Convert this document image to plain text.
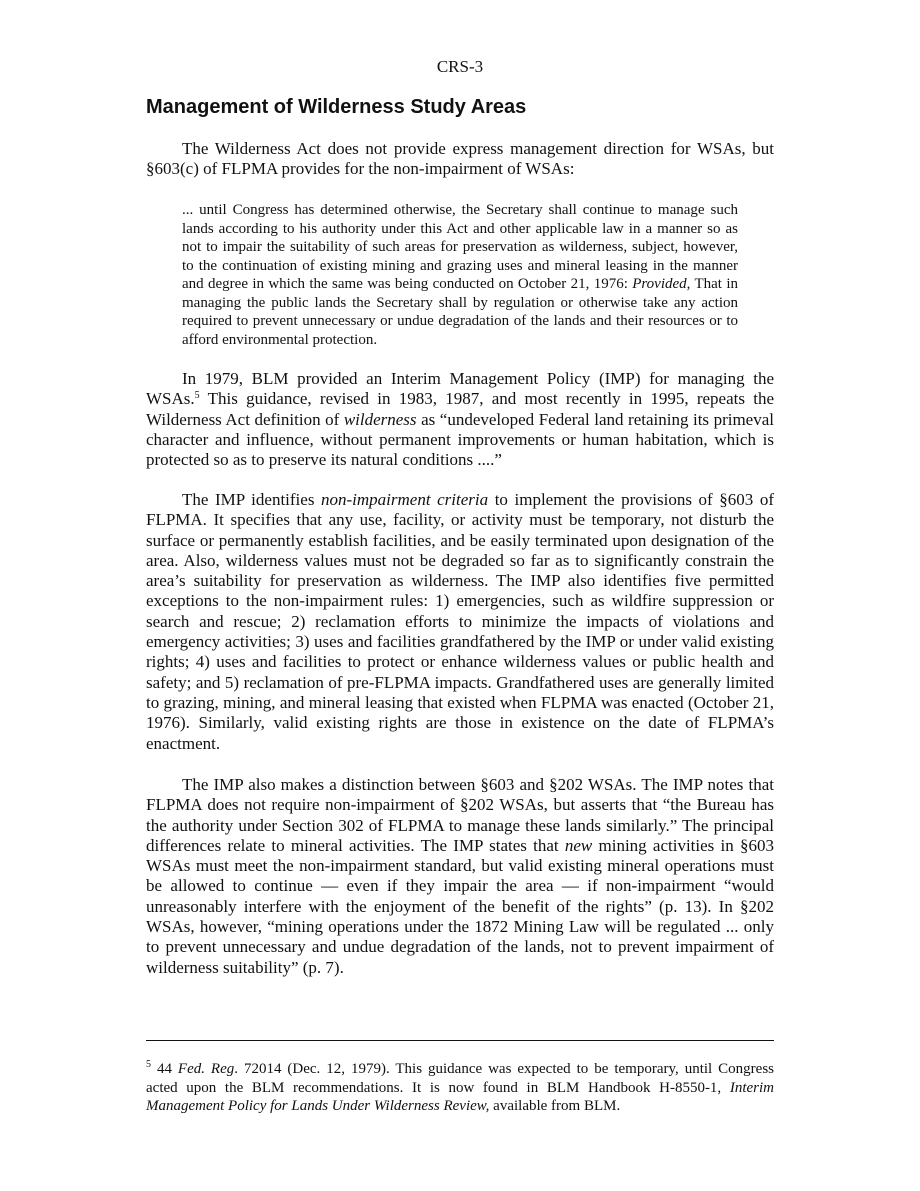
CRS-3
Management of Wilderness Study Areas

The Wilderness Act does not provide express management direction for WSAs, but §603(c) of FLPMA provides for the non-impairment of WSAs:

... until Congress has determined otherwise, the Secretary shall continue to manage such lands according to his authority under this Act and other applicable law in a manner so as not to impair the suitability of such areas for preservation as wilderness, subject, however, to the continuation of existing mining and grazing uses and mineral leasing in the manner and degree in which the same was being conducted on October 21, 1976: Provided, That in managing the public lands the Secretary shall by regulation or otherwise take any action required to prevent unnecessary or undue degradation of the lands and their resources or to afford environmental protection.

In 1979, BLM provided an Interim Management Policy (IMP) for managing the WSAs.$^5$ This guidance, revised in 1983, 1987, and most recently in 1995, repeats the Wilderness Act definition of wilderness as “undeveloped Federal land retaining its primeval character and influence, without permanent improvements or human habitation, which is protected so as to preserve its natural conditions ....”

The IMP identifies non-impairment criteria to implement the provisions of §603 of FLPMA. It specifies that any use, facility, or activity must be temporary, not disturb the surface or permanently establish facilities, and be easily terminated upon designation of the area. Also, wilderness values must not be degraded so far as to significantly constrain the area’s suitability for preservation as wilderness. The IMP also identifies five permitted exceptions to the non-impairment rules: 1) emergencies, such as wildfire suppression or search and rescue; 2) reclamation efforts to minimize the impacts of violations and emergency activities; 3) uses and facilities grandfathered by the IMP or under valid existing rights; 4) uses and facilities to protect or enhance wilderness values or public health and safety; and 5) reclamation of pre-FLPMA impacts. Grandfathered uses are generally limited to grazing, mining, and mineral leasing that existed when FLPMA was enacted (October 21, 1976). Similarly, valid existing rights are those in existence on the date of FLPMA’s enactment.

The IMP also makes a distinction between §603 and §202 WSAs. The IMP notes that FLPMA does not require non-impairment of §202 WSAs, but asserts that “the Bureau has the authority under Section 302 of FLPMA to manage these lands similarly.” The principal differences relate to mineral activities. The IMP states that new mining activities in §603 WSAs must meet the non-impairment standard, but valid existing mineral operations must be allowed to continue — even if they impair the area — if non-impairment “would unreasonably interfere with the enjoyment of the benefit of the rights” (p. 13). In §202 WSAs, however, “mining operations under the 1872 Mining Law will be regulated ... only to prevent unnecessary and undue degradation of the lands, not to prevent impairment of wilderness suitability” (p. 7).

$^5$ 44 Fed. Reg. 72014 (Dec. 12, 1979). This guidance was expected to be temporary, until Congress acted upon the BLM recommendations. It is now found in BLM Handbook H-8550-1, Interim Management Policy for Lands Under Wilderness Review, available from BLM.
